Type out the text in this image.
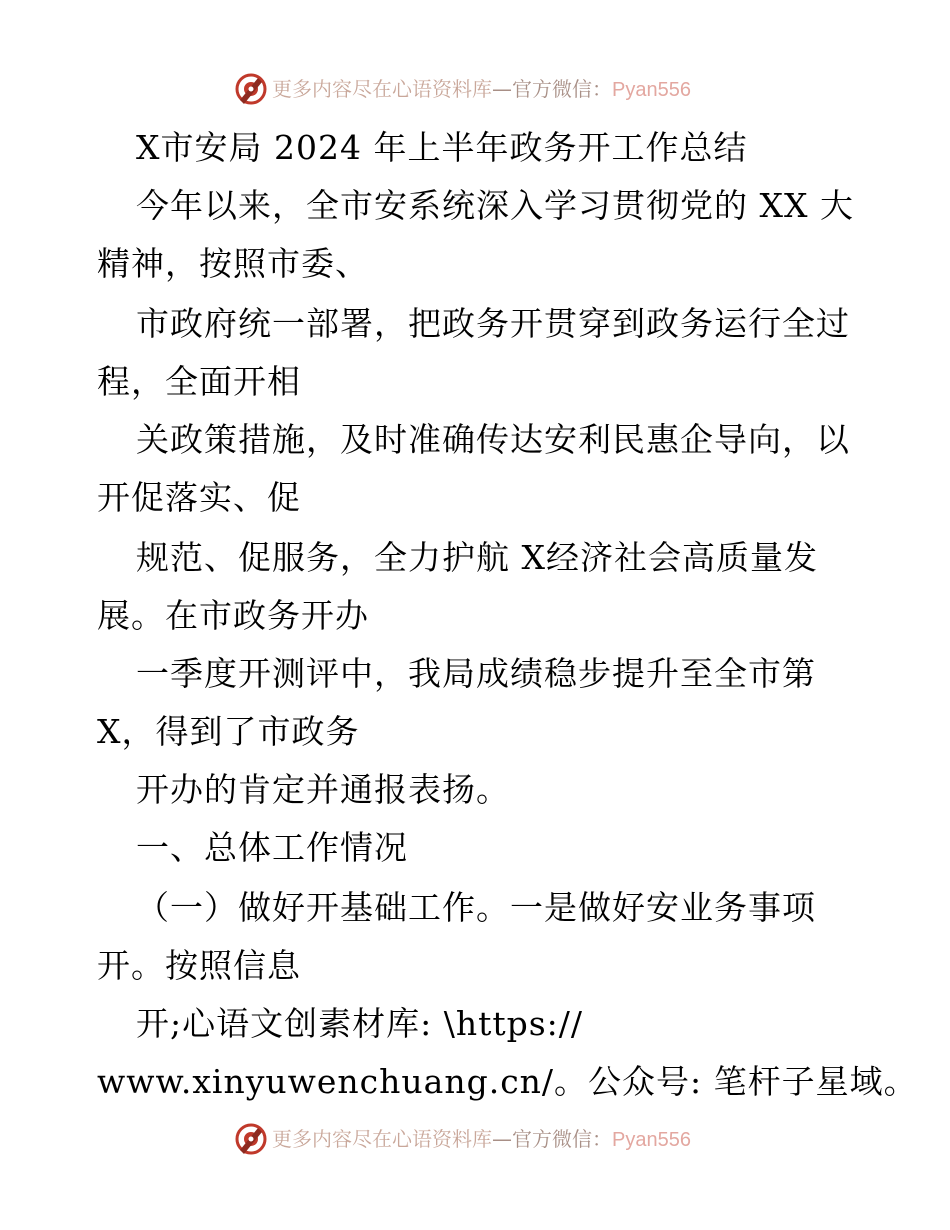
更多内容尽在心语资料库—官方微信：Pyan556
X市安局 2024 年上半年政务开工作总结
今年以来，全市安系统深入学习贯彻党的 XX 大
精神，按照市委、
市政府统一部署，把政务开贯穿到政务运行全过
程，全面开相
关政策措施，及时准确传达安利民惠企导向，以
开促落实、促
规范、促服务，全力护航 X经济社会高质量发
展。在市政务开办
一季度开测评中，我局成绩稳步提升至全市第
X，得到了市政务
开办的肯定并通报表扬。
一、总体工作情况
（一）做好开基础工作。一是做好安业务事项
开。按照信息
开;心语文创素材库: \https://
www.xinyuwenchuang.cn/。公众号: 笔杆子星域。
更多内容尽在心语资料库—官方微信：Pyan556
